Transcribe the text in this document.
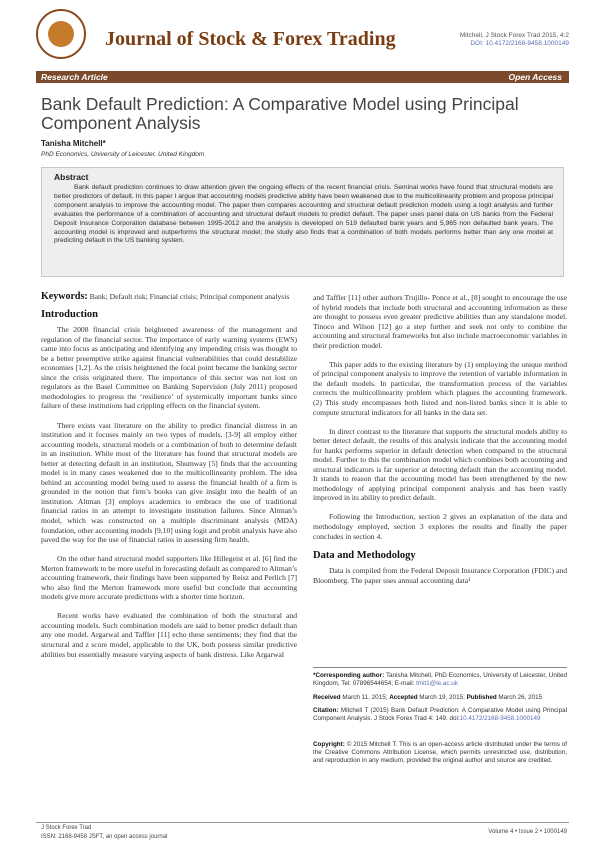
Journal of Stock & Forex Trading	Mitchell, J Stock Forex Trad 2015, 4:2
DOI: 10.4172/2168-9458.1000149
Research Article	Open Access
Bank Default Prediction: A Comparative Model using Principal Component Analysis
Tanisha Mitchell*
PhD Economics, University of Leicester, United Kingdom
Abstract
Bank default prediction continues to draw attention given the ongoing effects of the recent financial crisis. Seminal works have found that structural models are better predictors of default. In this paper I argue that accounting models predictive ability have been weakened due to the multicollinearity problem and propose principal component analysis to improve the accounting model. The paper then compares accounting and structural default prediction models using a logit analysis and further evaluates the performance of a combination of accounting and structural default models to predict default. The paper uses panel data on US banks from the Federal Deposit Insurance Corporation database between 1995-2012 and the analysis is developed on 519 defaulted bank years and 5,965 non defaulted bank years. The accounting model is improved and outperforms the structural model; the study also finds that a combination of both models performs better than any one model at predicting default in the US banking system.

Keywords: Bank; Default risk; Financial crisis; Principal component analysis

Introduction

The 2008 financial crisis heightened awareness of the management and regulation of the financial sector. The importance of early warning systems (EWS) came into focus as anticipating and identifying any impending crisis was thought to be a better preemptive strike against financial vulnerabilities that could destabilize economies [1,2]. As the crisis heightened the focal point became the banking sector since the crisis originated there. The importance of this sector was not lost on regulators as the Basel Committee on Banking Supervision (July 2011) proposed methodologies to progress the ‘resilience’ of systemically important banks since failure of these institutions had crippling effects on the financial system.

There exists vast literature on the ability to predict financial distress in an institution and it focuses mainly on two types of models, [3-9] all employ either accounting models, structural models or a combination of both to determine default in an institution. While most of the literature has found that structural models are better at detecting default in an institution, Shumway [5] finds that the accounting model is in many cases weakened due to the multicollinearity problem. The idea behind an accounting model being used to assess the financial health of a firm is grounded in the notion that firm’s books can give insight into the health of an institution. Altman [3] employs academics to embrace the use of traditional financial ratios in an attempt to investigate institution failures. Since Altman’s model, which was constructed on a multiple discriminant analysis (MDA) foundation, other accounting models [9,10] using logit and probit analysis have also paved the way for the use of financial ratios in assessing firm health.

On the other hand structural model supporters like Hillegeist et al. [6] find the Merton framework to be more useful in forecasting default as compared to Altman’s accounting framework, their findings have been supported by Reisz and Perlich [7] who also find the Merton framework more useful but conclude that accounting models give more accurate predictions with a shorter time horizon.

Recent works have evaluated the combination of both the structural and accounting models. Such combination models are said to better predict default than any one model. Argarwal and Taffler [11] echo these sentiments; they find that the structural and z score model, applicable to the UK, both possess similar predictive abilities but essentially measure varying aspects of bank distress. Like Argarwal

and Taffler [11] other authors Trujillo- Ponce et al., [8] sought to encourage the use of hybrid models that include both structural and accounting information as these are thought to possess even greater predictive abilities than any standalone model. Tinoco and Wilson [12] go a step further and seek not only to combine the accounting and structural frameworks but also include macroeconomic variables in their prediction model.

This paper adds to the existing literature by (1) employing the unique method of principal component analysis to improve the retention of variable information in the default models. In particular, the transformation process of the variables corrects the multicollinearity problem which plagues the accounting framework. (2) This study encompasses both listed and non-listed banks since it is able to compute structural indicators for all banks in the data set.

In direct contrast to the literature that supports the structural models ability to better detect default, the results of this analysis indicate that the accounting model for banks performs superior in default detection when compared to the structural model. Further to this the combination model which combines both accounting and structural indicators is far superior at detecting default than the accounting model. It stands to reason that the accounting model has been strengthened by the new methodology of applying principal component analysis and has been vastly improved in its ability to predict default.

Following the Introduction, section 2 gives an explanation of the data and methodology employed, section 3 explores the results and finally the paper concludes in section 4.

Data and Methodology

Data is compiled from the Federal Deposit Insurance Corporation (FDIC) and Bloomberg. The paper uses annual accounting data¹

*Corresponding author: Tanisha Mitchell, PhD Economics, University of Leicester, United Kingdom, Tel: 07896544654; E-mail: tmit1@le.ac.uk
Received March 11, 2015; Accepted March 19, 2015; Published March 26, 2015
Citation: Mitchell T (2015) Bank Default Prediction: A Comparative Model using Principal Component Analysis. J Stock Forex Trad 4: 149. doi:10.4172/2168-9458.1000149
Copyright: © 2015 Mitchell T. This is an open-access article distributed under the terms of the Creative Commons Attribution License, which permits unrestricted use, distribution, and reproduction in any medium, provided the original author and source are credited.
J Stock Forex Trad
ISSN: 2168-9458 JSFT, an open access journal
Volume 4 • Issue 2 • 1000149
